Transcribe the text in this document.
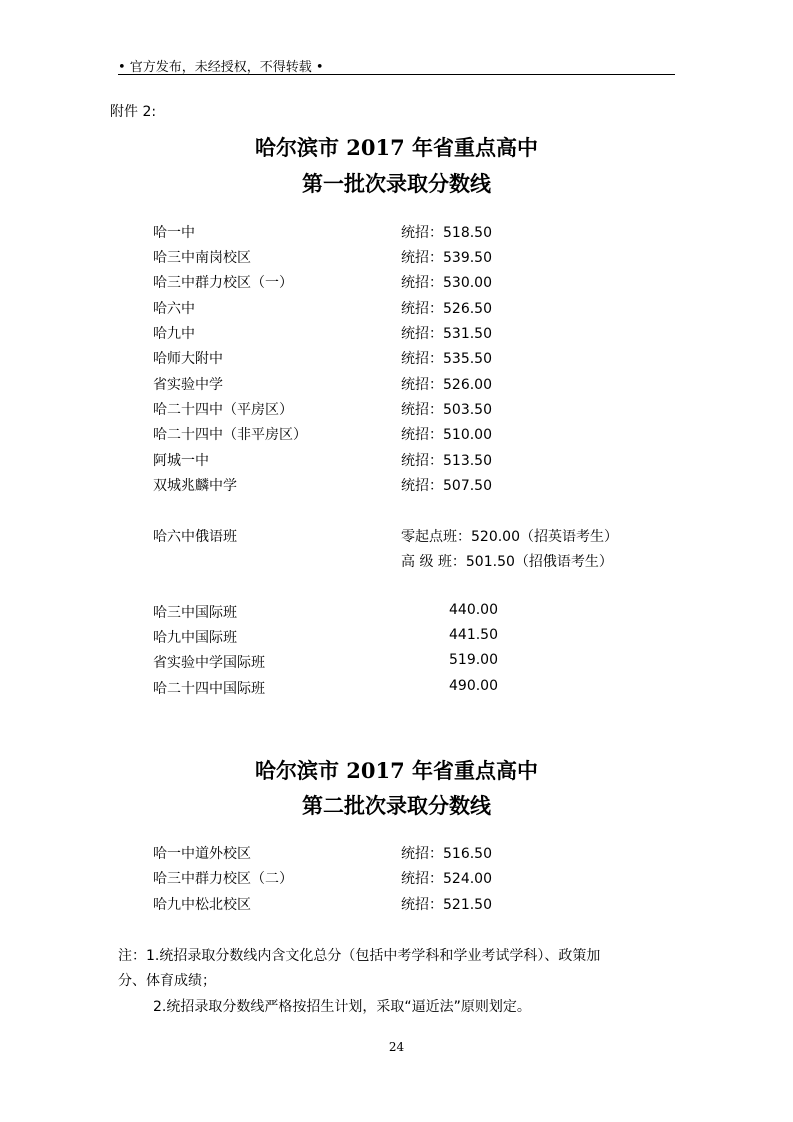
• 官方发布，未经授权，不得转载 •
附件 2:
哈尔滨市 2017 年省重点高中
第一批次录取分数线
哈一中	统招：518.50
哈三中南岗校区	统招：539.50
哈三中群力校区（一）	统招：530.00
哈六中	统招：526.50
哈九中	统招：531.50
哈师大附中	统招：535.50
省实验中学	统招：526.00
哈二十四中（平房区）	统招：503.50
哈二十四中（非平房区）	统招：510.00
阿城一中	统招：513.50
双城兆麟中学	统招：507.50
哈六中俄语班	零起点班：520.00（招英语考生）
高 级 班：501.50（招俄语考生）
哈三中国际班	440.00
哈九中国际班	441.50
省实验中学国际班	519.00
哈二十四中国际班	490.00
哈尔滨市 2017 年省重点高中
第二批次录取分数线
哈一中道外校区	统招：516.50
哈三中群力校区（二）	统招：524.00
哈九中松北校区	统招：521.50
注：1.统招录取分数线内含文化总分（包括中考学科和学业考试学科）、政策加
分、体育成绩；
2.统招录取分数线严格按招生计划，采取“逼近法”原则划定。
24
